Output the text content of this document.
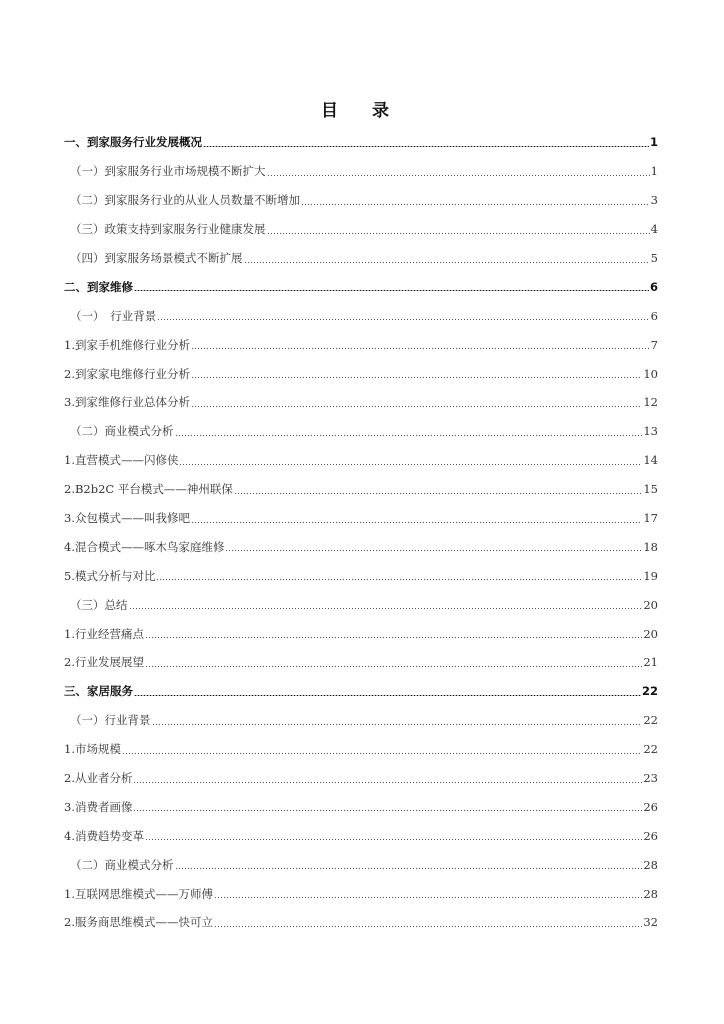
目 录
一、到家服务行业发展概况	1
（一）到家服务行业市场规模不断扩大	1
（二）到家服务行业的从业人员数量不断增加	3
（三）政策支持到家服务行业健康发展	4
（四）到家服务场景模式不断扩展	5
二、到家维修	6
（一）　行业背景	6
1.到家手机维修行业分析	7
2.到家家电维修行业分析	10
3.到家维修行业总体分析	12
（二）商业模式分析	13
1.直营模式——闪修侠	14
2.B2b2C 平台模式——神州联保	15
3.众包模式——叫我修吧	17
4.混合模式——啄木鸟家庭维修	18
5.模式分析与对比	19
（三）总结	20
1.行业经营痛点	20
2.行业发展展望	21
三、家居服务	22
（一）行业背景	22
1.市场规模	22
2.从业者分析	23
3.消费者画像	26
4.消费趋势变革	26
（二）商业模式分析	28
1.互联网思维模式——万师傅	28
2.服务商思维模式——快可立	32
